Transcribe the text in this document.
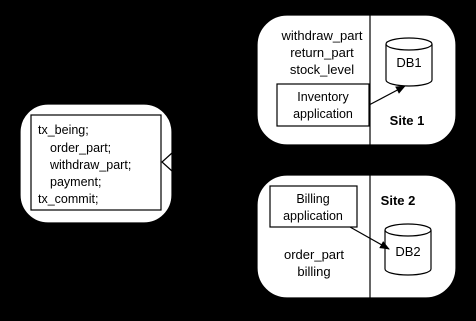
tx_being;
order_part;
withdraw_part;
payment;
tx_commit;
withdraw_part
return_part
stock_level
Inventory
application
DB1
Site 1
Billing
application
Site 2
DB2
order_part
billing
